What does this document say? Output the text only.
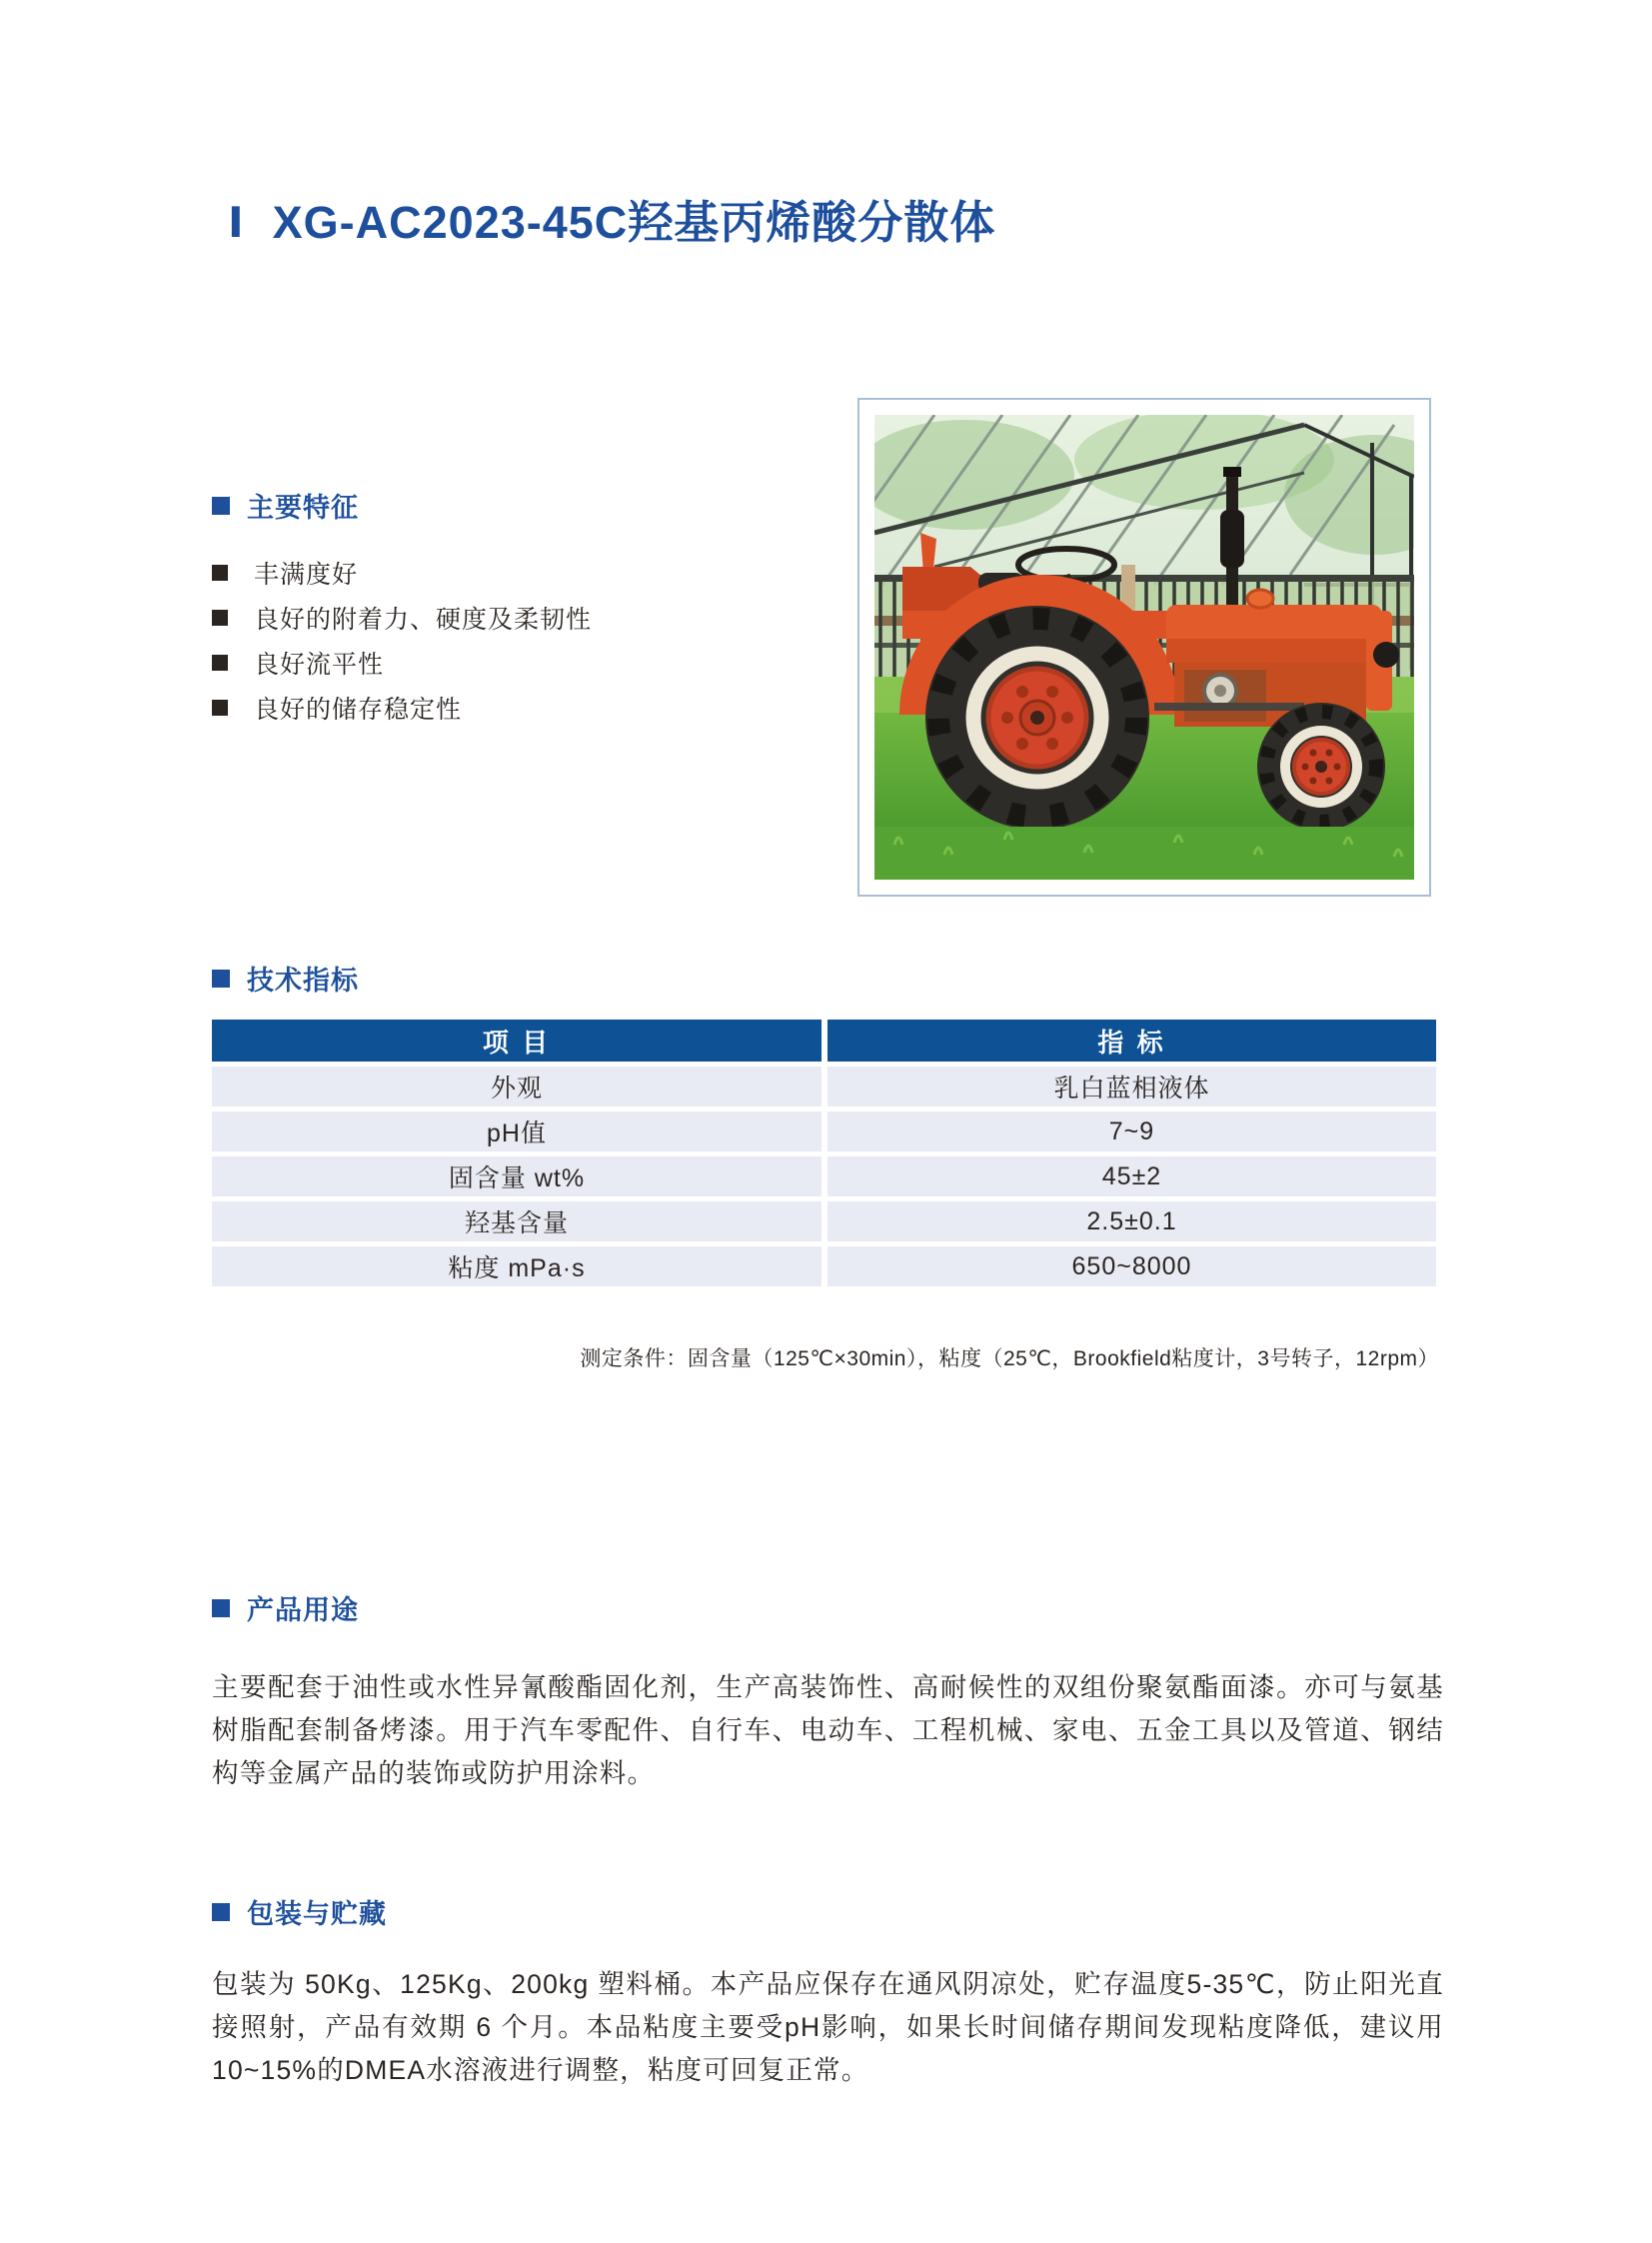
Ⅰ XG-AC2023-45C羟基丙烯酸分散体
主要特征
丰满度好
良好的附着力、硬度及柔韧性
良好流平性
良好的储存稳定性
技术指标
项 目	指 标
外观	乳白蓝相液体
pH值	7~9
固含量 wt%	45±2
羟基含量	2.5±0.1
粘度 mPa·s	650~8000
测定条件：固含量（125℃×30min），粘度（25℃，Brookfield粘度计，3号转子，12rpm）
产品用途

主要配套于油性或水性异氰酸酯固化剂，生产高装饰性、高耐候性的双组份聚氨酯面漆。亦可与氨基树脂配套制备烤漆。用于汽车零配件、自行车、电动车、工程机械、家电、五金工具以及管道、钢结构等金属产品的装饰或防护用涂料。

包装与贮藏

包装为 50Kg、125Kg、200kg 塑料桶。本产品应保存在通风阴凉处，贮存温度5-35℃，防止阳光直接照射，产品有效期 6 个月。本品粘度主要受pH影响，如果长时间储存期间发现粘度降低，建议用10~15%的DMEA水溶液进行调整，粘度可回复正常。
